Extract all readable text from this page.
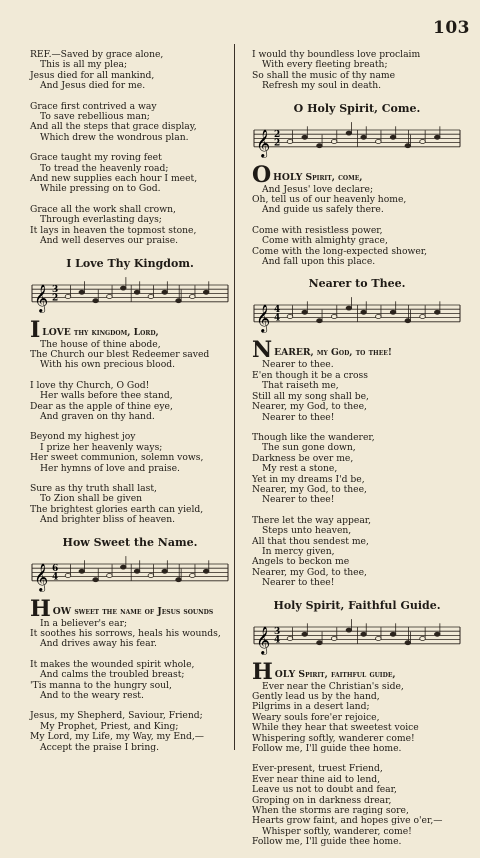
103
REF.—Saved by grace alone,
This is all my plea;
Jesus died for all mankind,
And Jesus died for me.
Grace first contrived a way
To save rebellious man;
And all the steps that grace display,
Which drew the wondrous plan.
Grace taught my roving feet
To tread the heavenly road;
And new supplies each hour I meet,
While pressing on to God.
Grace all the work shall crown,
Through everlasting days;
It lays in heaven the topmost stone,
And well deserves our praise.
I Love Thy Kingdom.
𝄞 3
2
I LOVE thy kingdom, Lord,
The house of thine abode,
The Church our blest Redeemer saved
With his own precious blood.
I love thy Church, O God!
Her walls before thee stand,
Dear as the apple of thine eye,
And graven on thy hand.
Beyond my highest joy
I prize her heavenly ways;
Her sweet communion, solemn vows,
Her hymns of love and praise.
Sure as thy truth shall last,
To Zion shall be given
The brightest glories earth can yield,
And brighter bliss of heaven.
How Sweet the Name.
𝄞 6
4
H OW sweet the name of Jesus sounds
In a believer's ear;
It soothes his sorrows, heals his wounds,
And drives away his fear.
It makes the wounded spirit whole,
And calms the troubled breast;
'Tis manna to the hungry soul,
And to the weary rest.
Jesus, my Shepherd, Saviour, Friend;
My Prophet, Priest, and King;
My Lord, my Life, my Way, my End,—
Accept the praise I bring.
I would thy boundless love proclaim
With every fleeting breath;
So shall the music of thy name
Refresh my soul in death.
O Holy Spirit, Come.
𝄞 2
2
O HOLY Spirit, come,
And Jesus' love declare;
Oh, tell us of our heavenly home,
And guide us safely there.
Come with resistless power,
Come with almighty grace,
Come with the long-expected shower,
And fall upon this place.
Nearer to Thee.
𝄞 4
4
N EARER, my God, to thee!
Nearer to thee.
E'en though it be a cross
That raiseth me,
Still all my song shall be,
Nearer, my God, to thee,
Nearer to thee!
Though like the wanderer,
The sun gone down,
Darkness be over me,
My rest a stone,
Yet in my dreams I'd be,
Nearer, my God, to thee,
Nearer to thee!
There let the way appear,
Steps unto heaven,
All that thou sendest me,
In mercy given,
Angels to beckon me
Nearer, my God, to thee,
Nearer to thee!
Holy Spirit, Faithful Guide.
𝄞 3
4
H OLY Spirit, faithful guide,
Ever near the Christian's side,
Gently lead us by the hand,
Pilgrims in a desert land;
Weary souls fore'er rejoice,
While they hear that sweetest voice
Whispering softly, wanderer come!
Follow me, I'll guide thee home.
Ever-present, truest Friend,
Ever near thine aid to lend,
Leave us not to doubt and fear,
Groping on in darkness drear,
When the storms are raging sore,
Hearts grow faint, and hopes give o'er,—
Whisper softly, wanderer, come!
Follow me, I'll guide thee home.
